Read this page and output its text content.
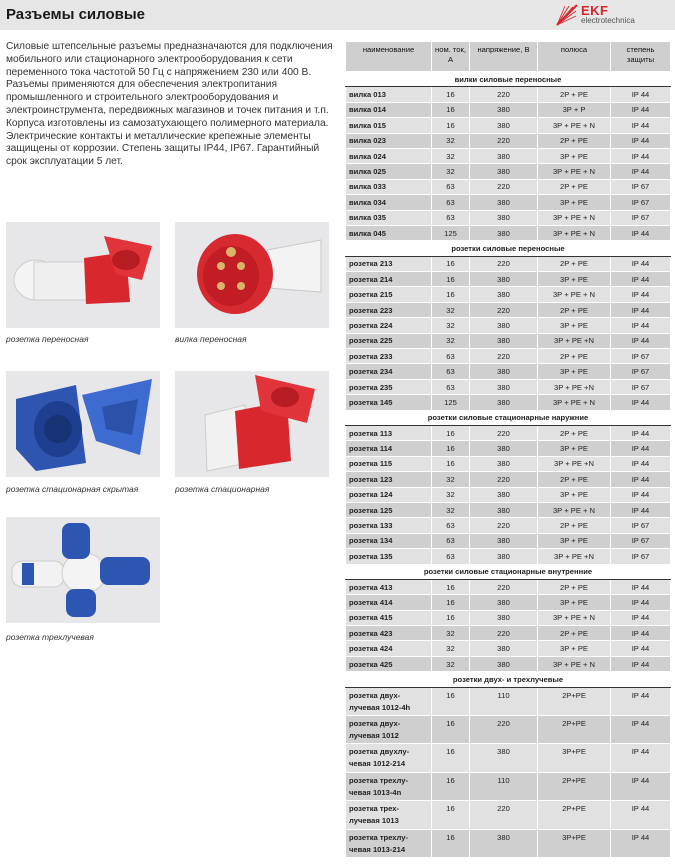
Разъемы силовые	EKF
electrotechnica
Силовые штепсельные разъемы предназначаются для подключения мобильного или стационарного электрооборудования к сети переменного тока частотой 50 Гц с напряжением 230 или 400 В. Разъемы применяются для обеспечения электропитания промышленного и строительного электрооборудования и электроинструмента, передвижных магазинов и точек питания и т.п. Корпуса изготовлены из самозатухающего полимерного материала. Электрические контакты и металлические крепежные элементы защищены от коррозии. Степень защиты IP44, IP67. Гарантийный срок эксплуатации 5 лет.
розетка переносная	вилка переносная
розетка стационарная скрытая	розетка стационарная
розетка трехлучевая
наименование	ном. ток, А	напряжение, В	полюса	степень защиты
вилки силовые переносные				
вилка 013	16	220	2P + PE	IP 44
вилка 014	16	380	3P + P	IP 44
вилка 015	16	380	3P + PE + N	IP 44
вилка 023	32	220	2P + PE	IP 44
вилка 024	32	380	3P + PE	IP 44
вилка 025	32	380	3P + PE + N	IP 44
вилка 033	63	220	2P + PE	IP 67
вилка 034	63	380	3P + PE	IP 67
вилка 035	63	380	3P + PE + N	IP 67
вилка 045	125	380	3P + PE + N	IP 44
розетки силовые переносные				
розетка 213	16	220	2P + PE	IP 44
розетка 214	16	380	3P + PE	IP 44
розетка 215	16	380	3P + PE + N	IP 44
розетка 223	32	220	2P + PE	IP 44
розетка 224	32	380	3P + PE	IP 44
розетка 225	32	380	3P + PE +N	IP 44
розетка 233	63	220	2P + PE	IP 67
розетка 234	63	380	3P + PE	IP 67
розетка 235	63	380	3P + PE +N	IP 67
розетка 145	125	380	3P + PE + N	IP 44
розетки силовые стационарные наружние				
розетка 113	16	220	2P + PE	IP 44
розетка 114	16	380	3P + PE	IP 44
розетка 115	16	380	3P + PE +N	IP 44
розетка 123	32	220	2P + PE	IP 44
розетка 124	32	380	3P + PE	IP 44
розетка 125	32	380	3P + PE + N	IP 44
розетка 133	63	220	2P + PE	IP 67
розетка 134	63	380	3P + PE	IP 67
розетка 135	63	380	3P + PE +N	IP 67
розетки силовые стационарные внутренние				
розетка 413	16	220	2P + PE	IP 44
розетка 414	16	380	3P + PE	IP 44
розетка 415	16	380	3P + PE + N	IP 44
розетка 423	32	220	2P + PE	IP 44
розетка 424	32	380	3P + PE	IP 44
розетка 425	32	380	3P + PE + N	IP 44
розетки двух- и трехлучевые				
розетка двух-лучевая 1012-4h	16	110	2P+PE	IP 44
розетка двух-лучевая 1012	16	220	2P+PE	IP 44
розетка двухлу-чевая 1012-214	16	380	3P+PE	IP 44
розетка трехлу-чевая 1013-4n	16	110	2P+PE	IP 44
розетка трех-лучевая 1013	16	220	2P+PE	IP 44
розетка трехлу-чевая 1013-214	16	380	3P+PE	IP 44
